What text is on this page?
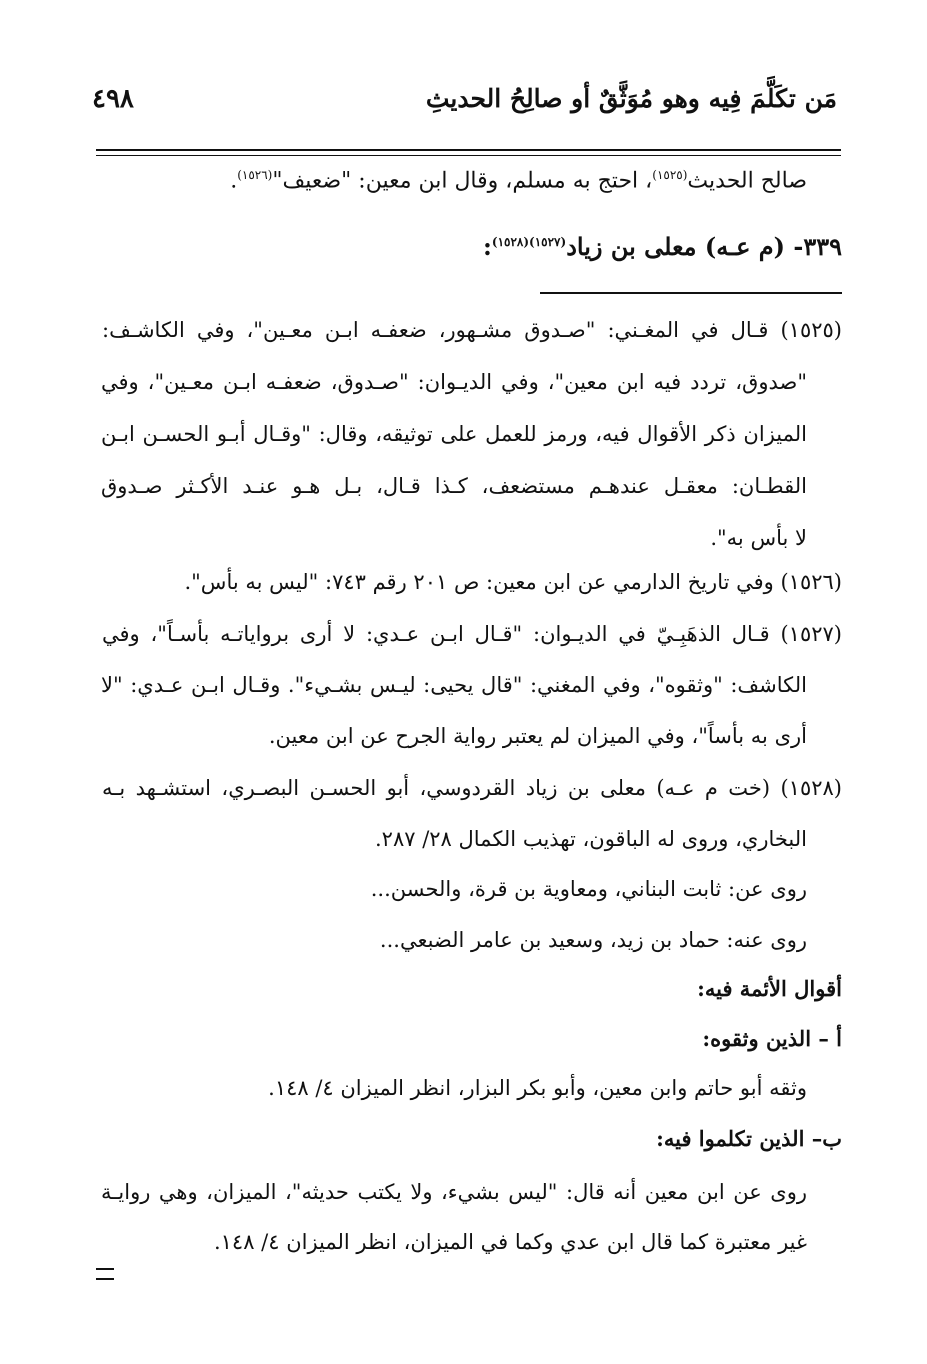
٤٩٨	مَن تكَلَّمَ فِيه وهو مُوَثَّقٌ أو صالِحُ الحديثِ
صالح الحديث$^{(١٥٢٥)}$، احتج به مسلم، وقال ابن معين: "ضعيف"$^{(١٥٢٦)}$.
٣٣٩- (م عـه) معلى بن زياد$^{(١٥٢٧)(١٥٢٨)}$:
(١٥٢٥) قـال في المغـني: "صـدوق مشـهور، ضعفـه ابـن معـين"، وفي الكاشـف:
"صدوق، تردد فيه ابن معين"، وفي الديـوان: "صـدوق، ضعفـه ابـن معـين"، وفي
الميزان ذكر الأقوال فيه، ورمز للعمل على توثيقه، وقال: "وقـال أبـو الحسـن ابـن
القطـان: معقـل عندهـم مستضعف، كـذا قـال، بـل هـو عنـد الأكـثر صـدوق
لا بأس به".
(١٥٢٦) وفي تاريخ الدارمي عن ابن معين: ص ٢٠١ رقم ٧٤٣: "ليس به بأس".
(١٥٢٧) قـال الذهَبِـيّ في الديـوان: "قـال ابـن عـدي: لا أرى برواياتـه بأسـاً"، وفي
الكاشف: "وثقوه"، وفي المغني: "قال يحيى: ليـس بشـيء". وقـال ابـن عـدي: "لا
أرى به بأساً"، وفي الميزان لم يعتبر رواية الجرح عن ابن معين.
(١٥٢٨) (خت م عـه) معلى بن زياد القردوسي، أبو الحسـن البصـري، استشـهد بـه
البخاري، وروى له الباقون، تهذيب الكمال ٢٨/ ٢٨٧.
روى عن: ثابت البناني، ومعاوية بن قرة، والحسن...
روى عنه: حماد بن زيد، وسعيد بن عامر الضبعي...
أقوال الأئمة فيه:
أ – الذين وثقوه:
وثقه أبو حاتم وابن معين، وأبو بكر البزار، انظر الميزان ٤/ ١٤٨.
ب– الذين تكلموا فيه:
روى عن ابن معين أنه قال: "ليس بشيء، ولا يكتب حديثه"، الميزان، وهي روايـة
غير معتبرة كما قال ابن عدي وكما في الميزان، انظر الميزان ٤/ ١٤٨.
